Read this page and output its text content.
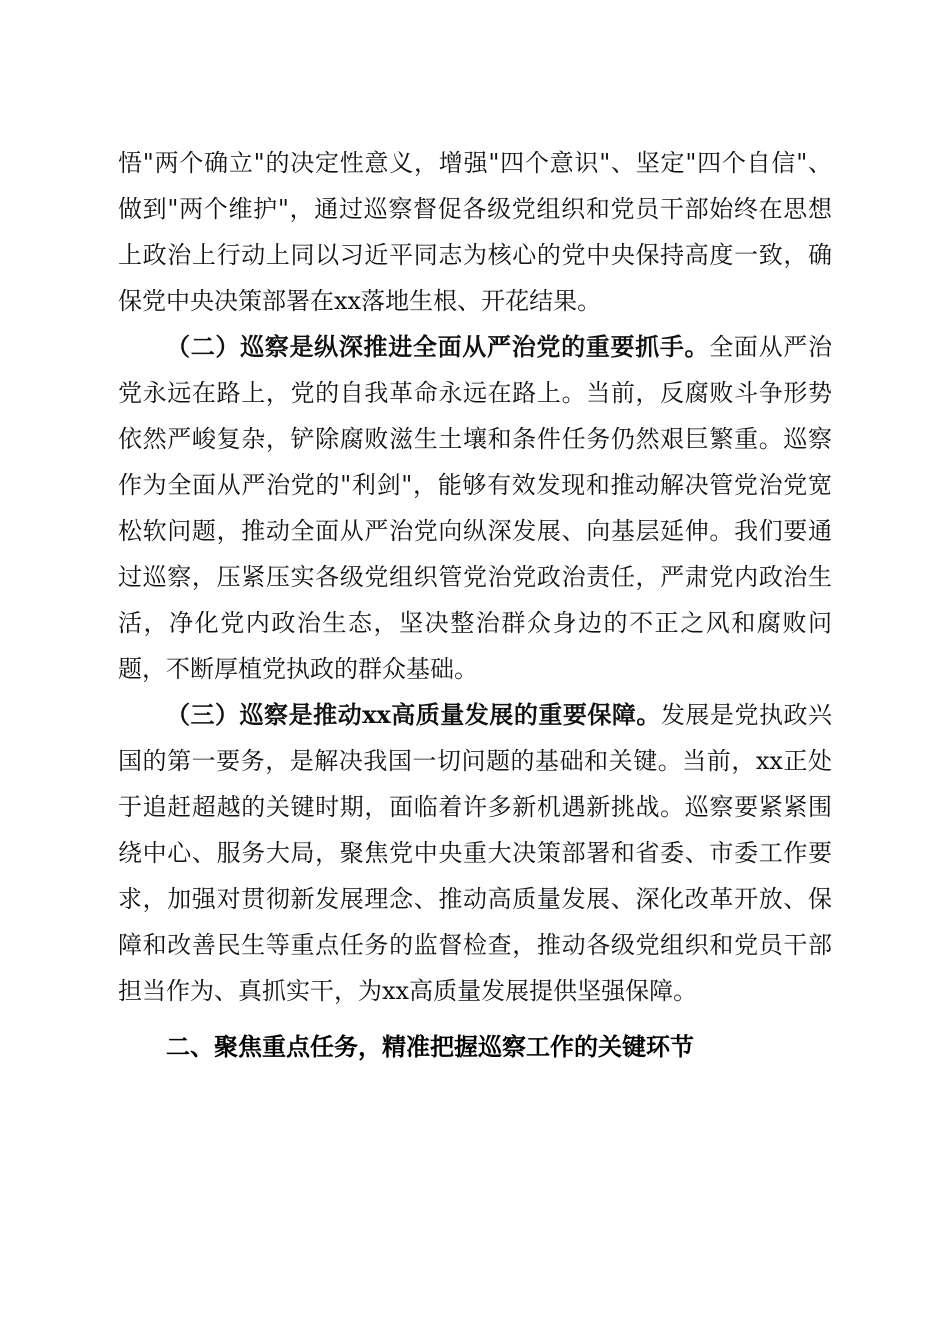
悟"两个确立"的决定性意义，增强"四个意识"、坚定"四个自信"、做到"两个维护"，通过巡察督促各级党组织和党员干部始终在思想上政治上行动上同以习近平同志为核心的党中央保持高度一致，确保党中央决策部署在xx落地生根、开花结果。

（二）巡察是纵深推进全面从严治党的重要抓手。全面从严治党永远在路上，党的自我革命永远在路上。当前，反腐败斗争形势依然严峻复杂，铲除腐败滋生土壤和条件任务仍然艰巨繁重。巡察作为全面从严治党的"利剑"，能够有效发现和推动解决管党治党宽松软问题，推动全面从严治党向纵深发展、向基层延伸。我们要通过巡察，压紧压实各级党组织管党治党政治责任，严肃党内政治生活，净化党内政治生态，坚决整治群众身边的不正之风和腐败问题，不断厚植党执政的群众基础。

（三）巡察是推动xx高质量发展的重要保障。发展是党执政兴国的第一要务，是解决我国一切问题的基础和关键。当前，xx正处于追赶超越的关键时期，面临着许多新机遇新挑战。巡察要紧紧围绕中心、服务大局，聚焦党中央重大决策部署和省委、市委工作要求，加强对贯彻新发展理念、推动高质量发展、深化改革开放、保障和改善民生等重点任务的监督检查，推动各级党组织和党员干部担当作为、真抓实干，为xx高质量发展提供坚强保障。

二、聚焦重点任务，精准把握巡察工作的关键环节
